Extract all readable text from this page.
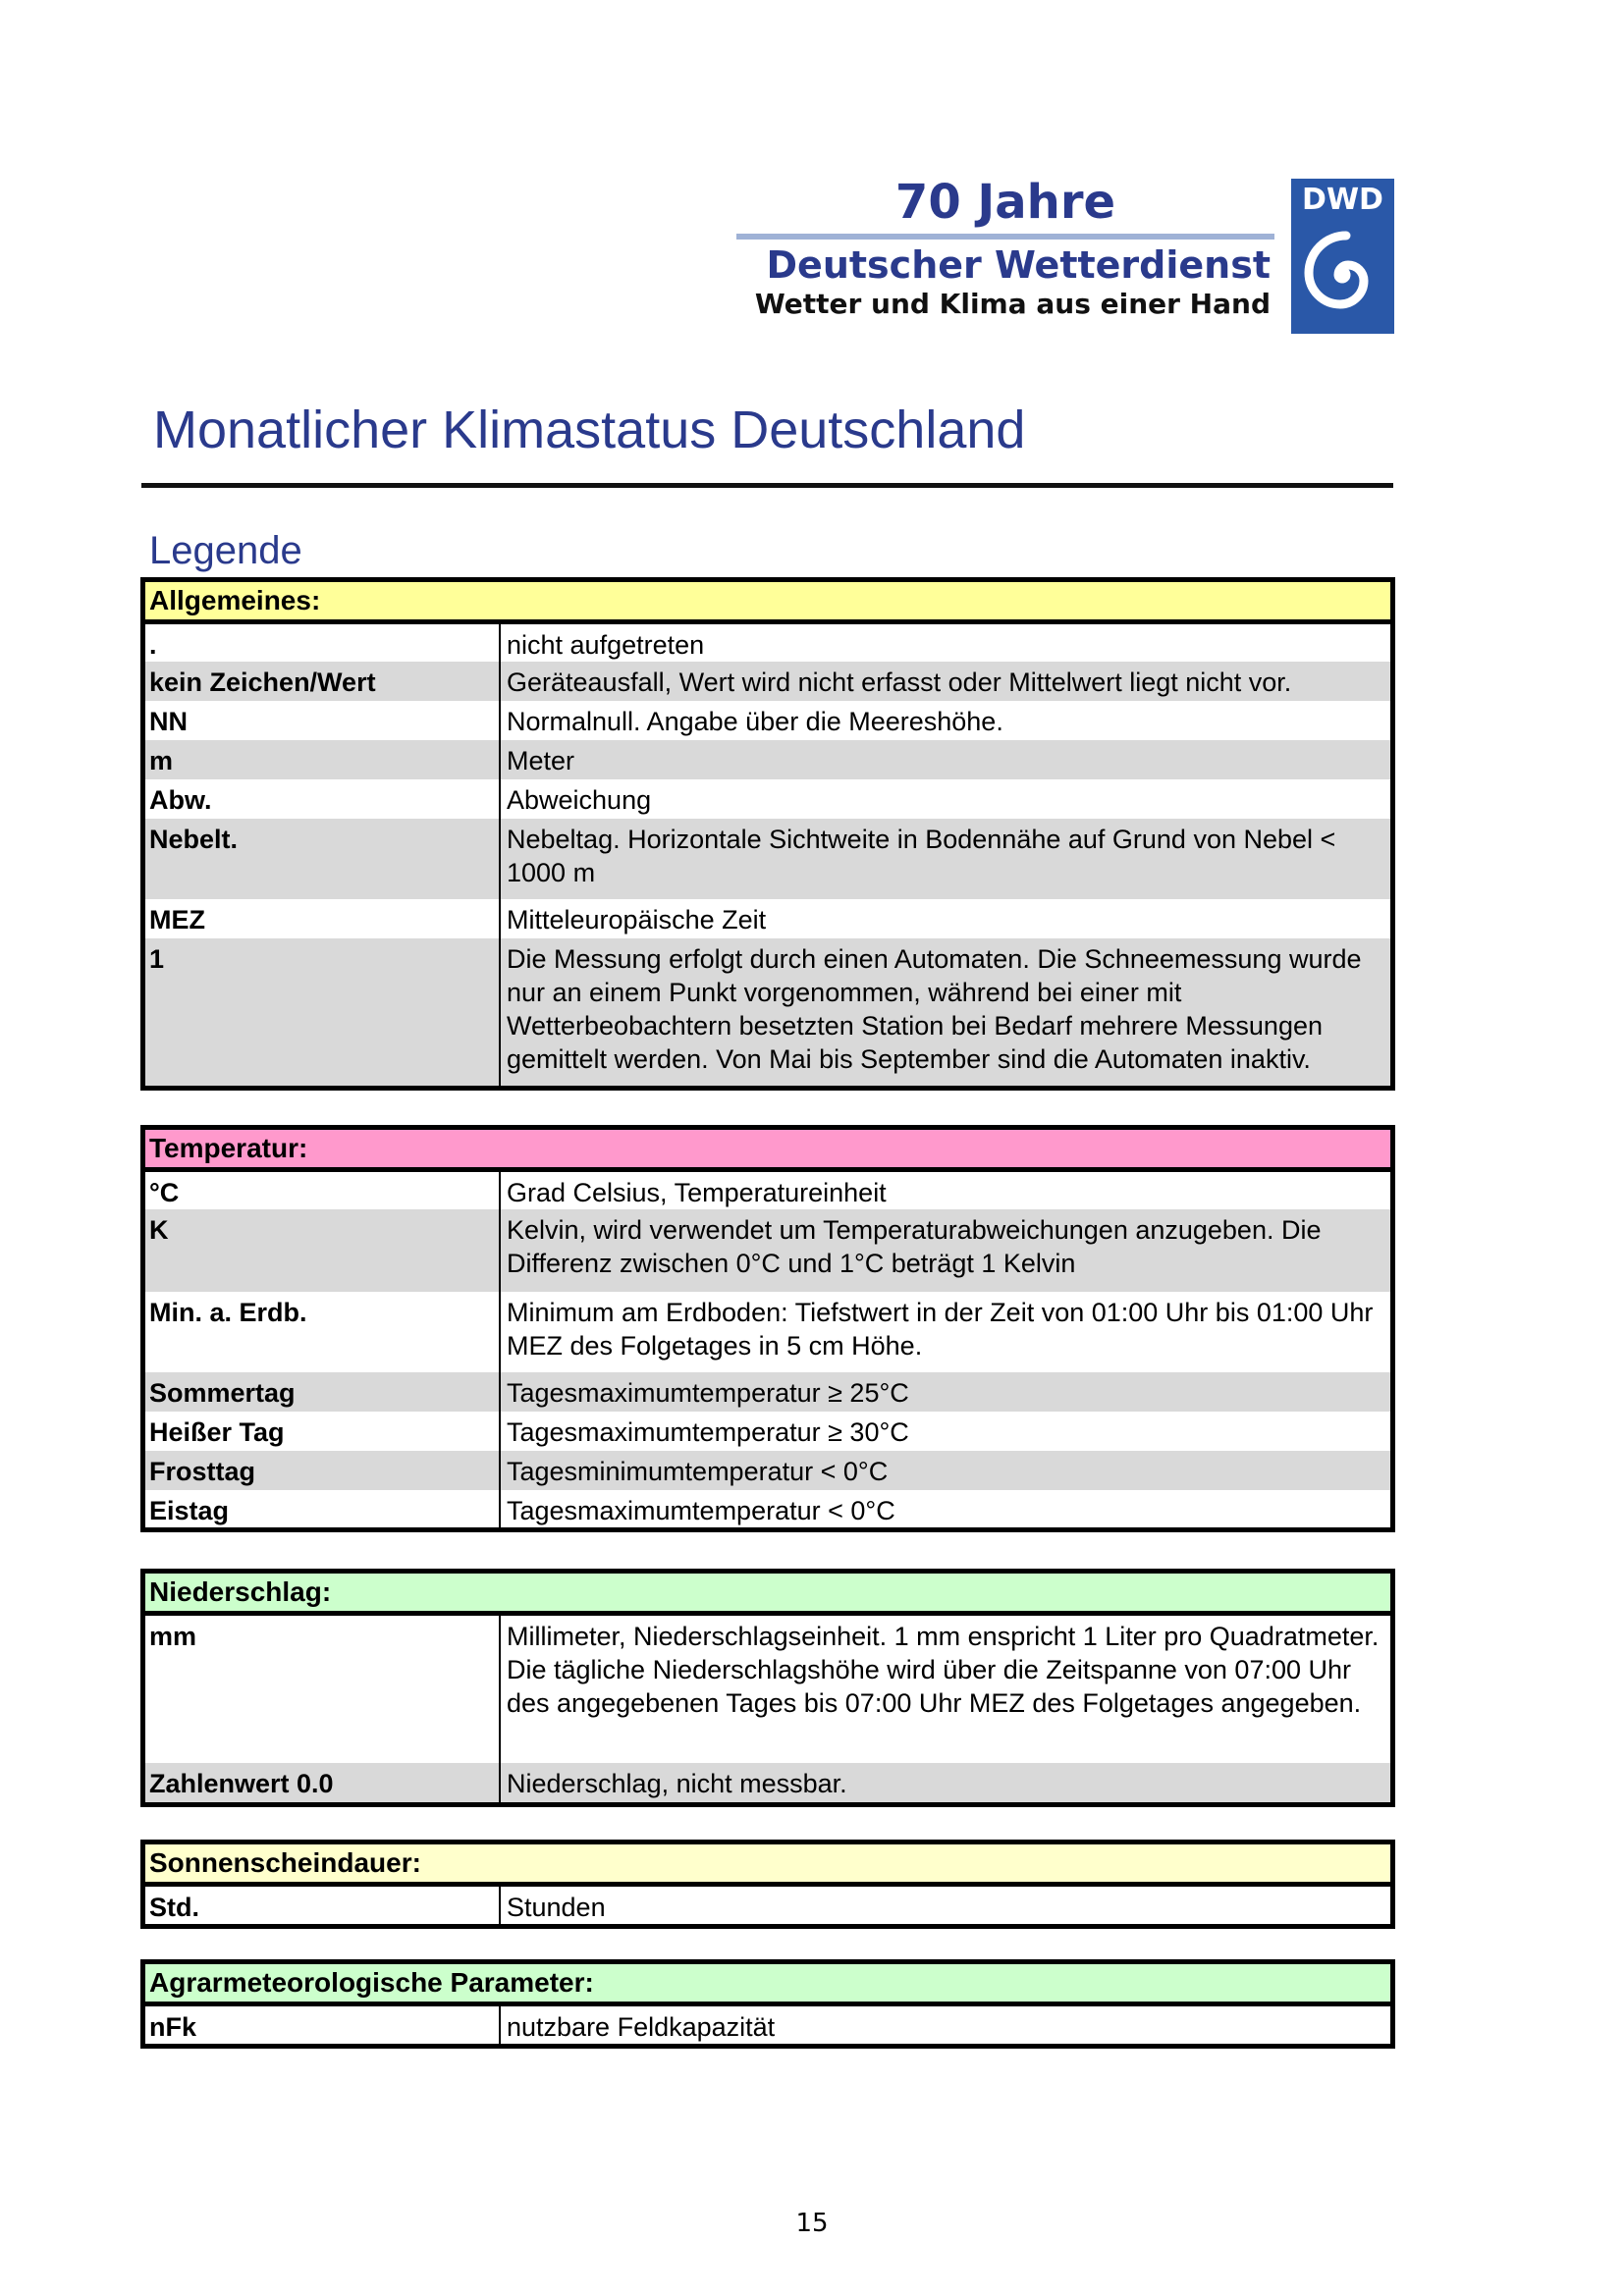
70 Jahre
Deutscher Wetterdienst
Wetter und Klima aus einer Hand
DWD
Monatlicher Klimastatus Deutschland
Legende
Allgemeines:
.	nicht aufgetreten
kein Zeichen/Wert	Geräteausfall, Wert wird nicht erfasst oder Mittelwert liegt nicht vor.
NN	Normalnull. Angabe über die Meereshöhe.
m	Meter
Abw.	Abweichung
Nebelt.	Nebeltag. Horizontale Sichtweite in Bodennähe auf Grund von Nebel < 1000 m
MEZ	Mitteleuropäische Zeit
1	Die Messung erfolgt durch einen Automaten. Die Schneemessung wurde nur an einem Punkt vorgenommen, während bei einer mit Wetterbeobachtern besetzten Station bei Bedarf mehrere Messungen gemittelt werden. Von Mai bis September sind die Automaten inaktiv.
Temperatur:
°C	Grad Celsius, Temperatureinheit
K	Kelvin, wird verwendet um Temperaturabweichungen anzugeben. Die Differenz zwischen 0°C und 1°C beträgt 1 Kelvin
Min. a. Erdb.	Minimum am Erdboden: Tiefstwert in der Zeit von 01:00 Uhr bis 01:00 Uhr MEZ des Folgetages in 5 cm Höhe.
Sommertag	Tagesmaximumtemperatur ≥ 25°C
Heißer Tag	Tagesmaximumtemperatur ≥ 30°C
Frosttag	Tagesminimumtemperatur < 0°C
Eistag	Tagesmaximumtemperatur < 0°C
Niederschlag:
mm	Millimeter, Niederschlagseinheit. 1 mm enspricht 1 Liter pro Quadratmeter. Die tägliche Niederschlagshöhe wird über die Zeitspanne von 07:00 Uhr des angegebenen Tages bis 07:00 Uhr MEZ des Folgetages angegeben.
Zahlenwert 0.0	Niederschlag, nicht messbar.
Sonnenscheindauer:
Std.	Stunden
Agrarmeteorologische Parameter:
nFk	nutzbare Feldkapazität
15
